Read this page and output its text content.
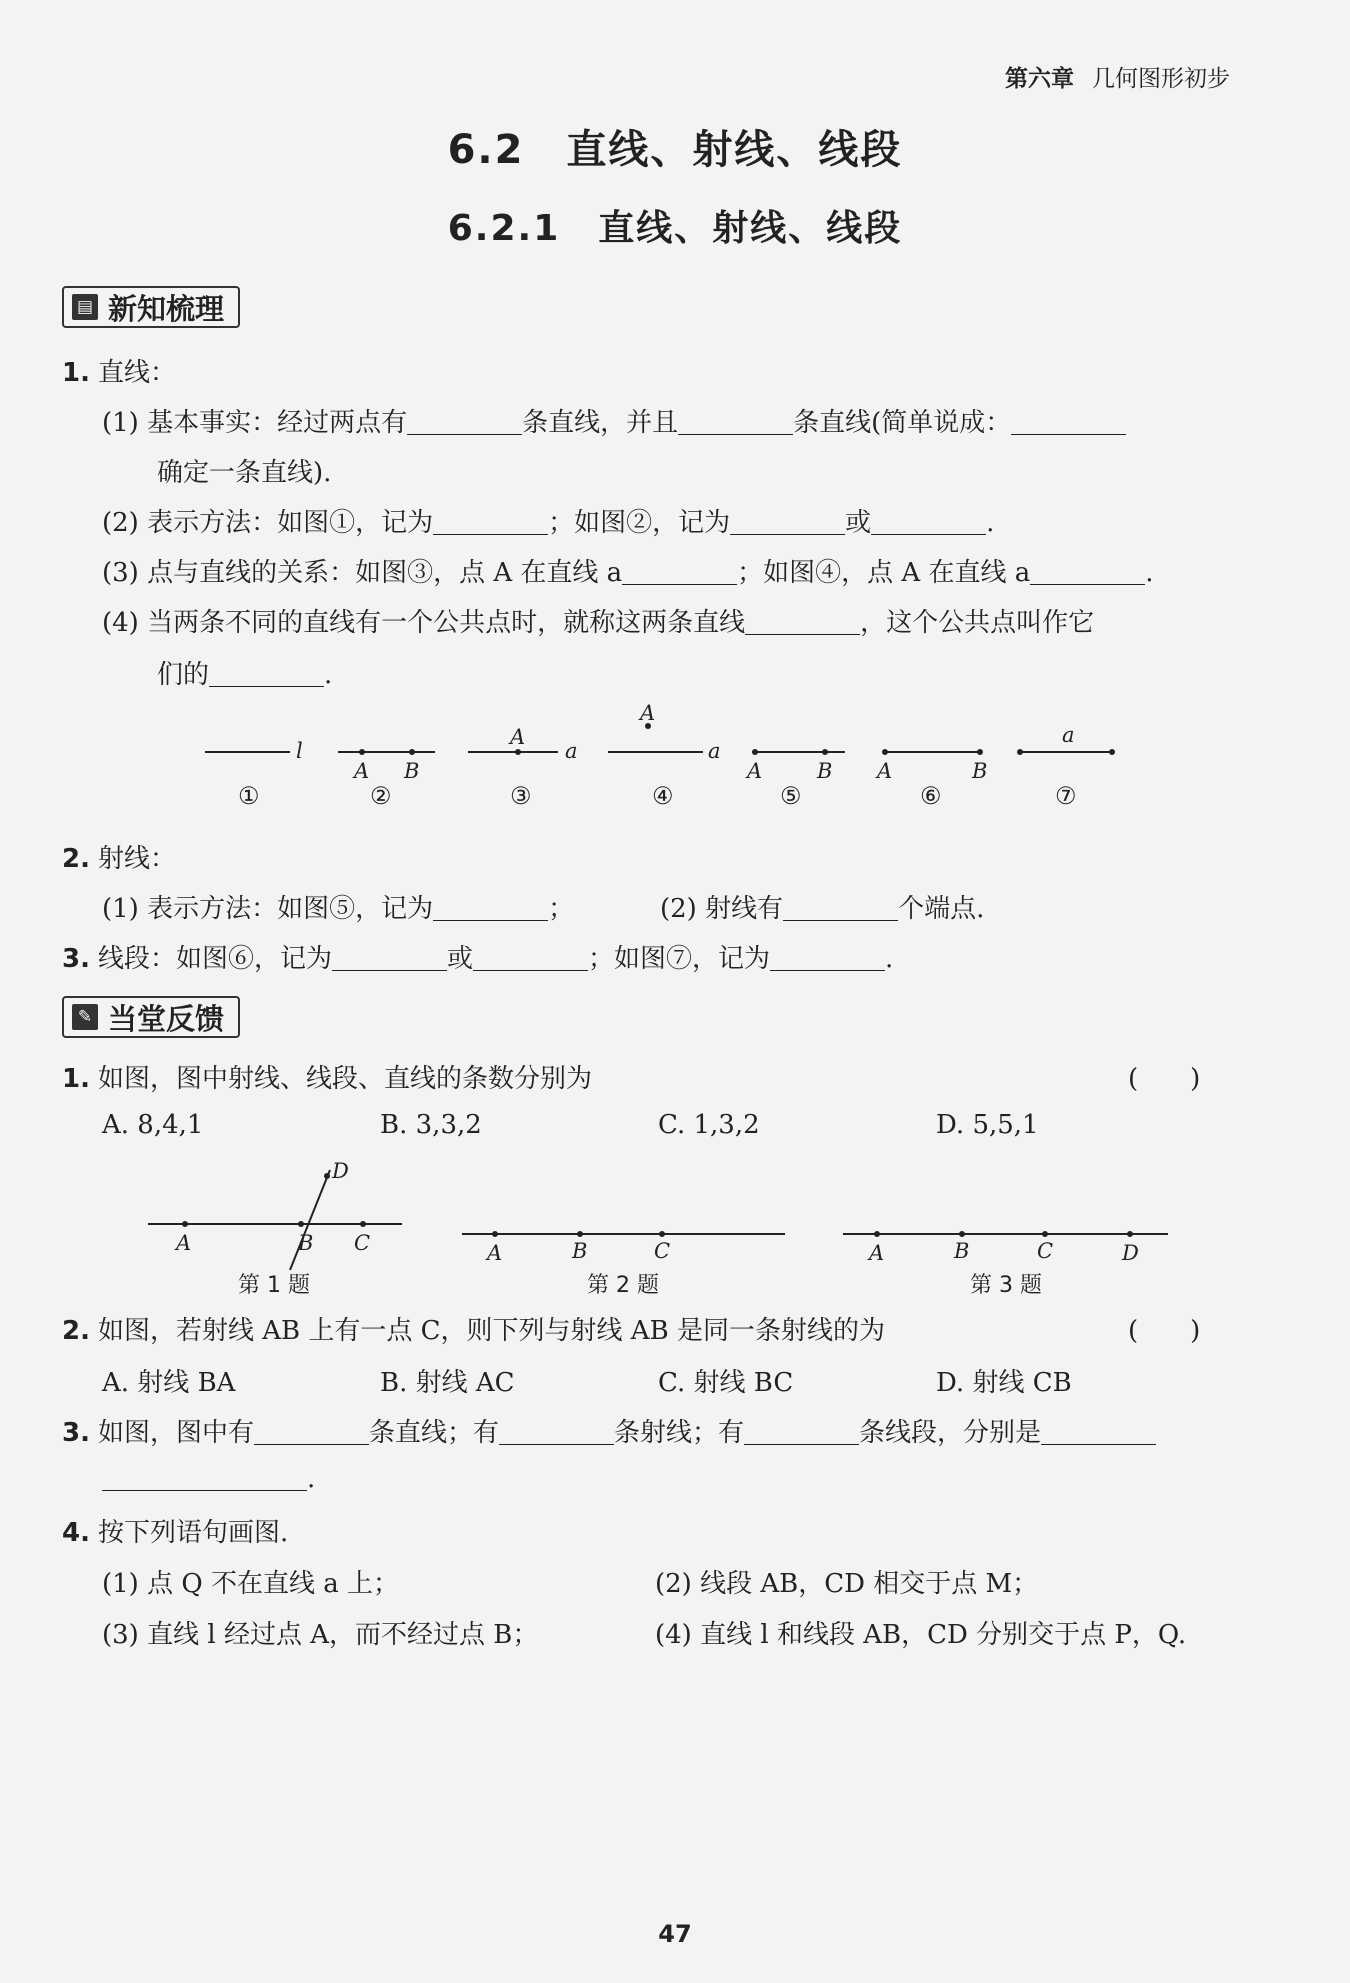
第六章 几何图形初步
6.2　直线、射线、线段
6.2.1　直线、射线、线段
▤ 新知梳理
1. 直线：
(1) 基本事实：经过两点有	条直线，并且	条直线(简单说成：
确定一条直线).
(2) 表示方法：如图①，记为	；如图②，记为	或	.
(3) 点与直线的关系：如图③，点 A 在直线 a	；如图④，点 A 在直线 a	.
(4) 当两条不同的直线有一个公共点时，就称这两条直线	，这个公共点叫作它
们的	.
l
A B
A
a
A
a
A	B A	B
a
①	②	③	④	⑤	⑥	⑦
2. 射线：
(1) 表示方法：如图⑤，记为	；	(2) 射线有	个端点.
3. 线段：如图⑥，记为	或	；如图⑦，记为	.
✎ 当堂反馈
1. 如图，图中射线、线段、直线的条数分别为	(　　)
A. 8,4,1	B. 3,3,2	C. 1,3,2	D. 5,5,1
A	B C
D
A	B	C	A	B	C	D
第 1 题	第 2 题	第 3 题
2. 如图，若射线 AB 上有一点 C，则下列与射线 AB 是同一条射线的为	(　　)
A. 射线 BA	B. 射线 AC	C. 射线 BC	D. 射线 CB
3. 如图，图中有	条直线；有	条射线；有	条线段，分别是
.
4. 按下列语句画图.
(1) 点 Q 不在直线 a 上；	(2) 线段 AB，CD 相交于点 M；
(3) 直线 l 经过点 A，而不经过点 B；	(4) 直线 l 和线段 AB，CD 分别交于点 P，Q.
47
